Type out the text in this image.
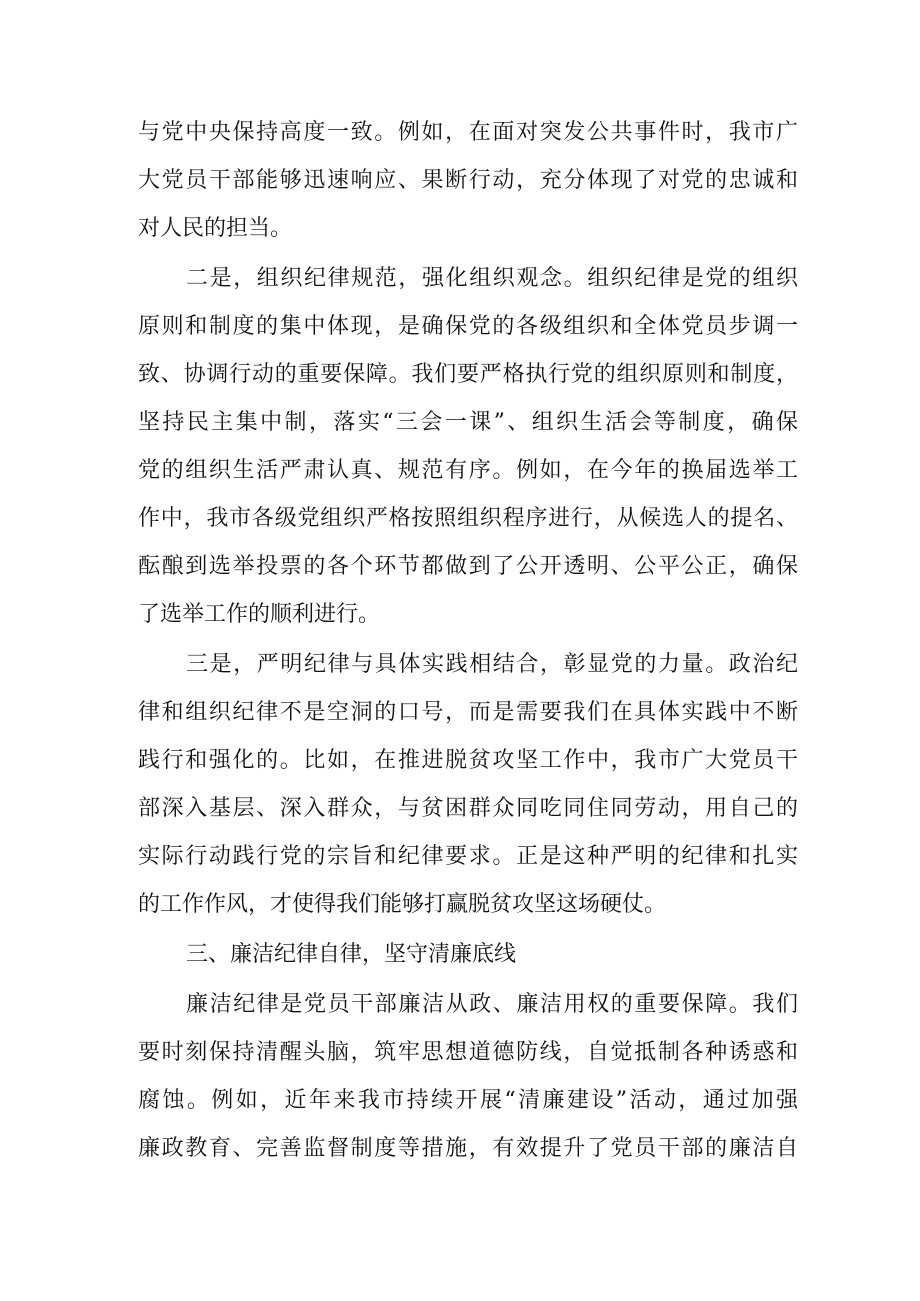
与党中央保持高度一致。例如，在面对突发公共事件时，我市广
大党员干部能够迅速响应、果断行动，充分体现了对党的忠诚和
对人民的担当。
二是，组织纪律规范，强化组织观念。组织纪律是党的组织
原则和制度的集中体现，是确保党的各级组织和全体党员步调一
致、协调行动的重要保障。我们要严格执行党的组织原则和制度，
坚持民主集中制，落实“三会一课”、组织生活会等制度，确保
党的组织生活严肃认真、规范有序。例如，在今年的换届选举工
作中，我市各级党组织严格按照组织程序进行，从候选人的提名、
酝酿到选举投票的各个环节都做到了公开透明、公平公正，确保
了选举工作的顺利进行。
三是，严明纪律与具体实践相结合，彰显党的力量。政治纪
律和组织纪律不是空洞的口号，而是需要我们在具体实践中不断
践行和强化的。比如，在推进脱贫攻坚工作中，我市广大党员干
部深入基层、深入群众，与贫困群众同吃同住同劳动，用自己的
实际行动践行党的宗旨和纪律要求。正是这种严明的纪律和扎实
的工作作风，才使得我们能够打赢脱贫攻坚这场硬仗。
三、廉洁纪律自律，坚守清廉底线
廉洁纪律是党员干部廉洁从政、廉洁用权的重要保障。我们
要时刻保持清醒头脑，筑牢思想道德防线，自觉抵制各种诱惑和
腐蚀。例如，近年来我市持续开展“清廉建设”活动，通过加强
廉政教育、完善监督制度等措施，有效提升了党员干部的廉洁自
